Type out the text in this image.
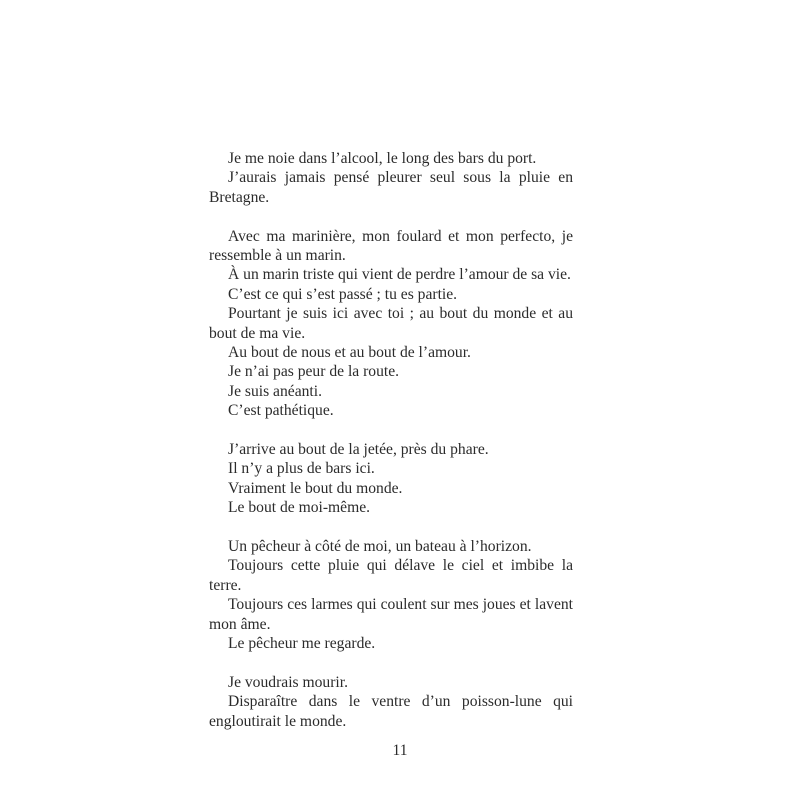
Je me noie dans l’alcool, le long des bars du port.

J’aurais jamais pensé pleurer seul sous la pluie en Bretagne.

Avec ma marinière, mon foulard et mon perfecto, je ressemble à un marin.

À un marin triste qui vient de perdre l’amour de sa vie.

C’est ce qui s’est passé ; tu es partie.

Pourtant je suis ici avec toi ; au bout du monde et au bout de ma vie.

Au bout de nous et au bout de l’amour.

Je n’ai pas peur de la route.

Je suis anéanti.

C’est pathétique.

J’arrive au bout de la jetée, près du phare.

Il n’y a plus de bars ici.

Vraiment le bout du monde.

Le bout de moi-même.

Un pêcheur à côté de moi, un bateau à l’horizon.

Toujours cette pluie qui délave le ciel et imbibe la terre.

Toujours ces larmes qui coulent sur mes joues et lavent mon âme.

Le pêcheur me regarde.

Je voudrais mourir.

Disparaître dans le ventre d’un poisson-lune qui engloutirait le monde.

11
